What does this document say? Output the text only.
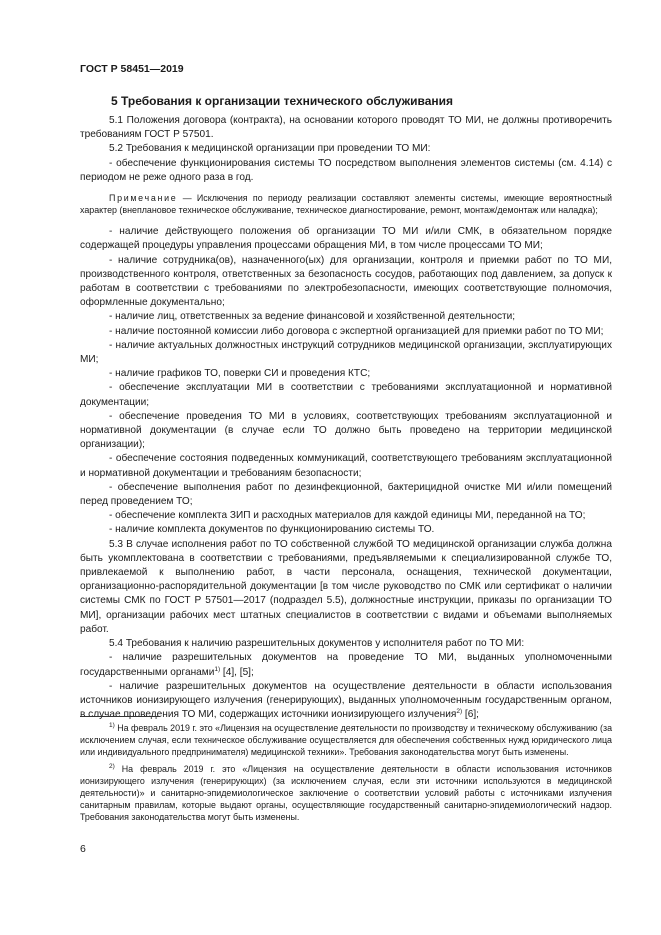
ГОСТ Р 58451—2019

5 Требования к организации технического обслуживания

5.1 Положения договора (контракта), на основании которого проводят ТО МИ, не должны противоречить требованиям ГОСТ Р 57501.

5.2 Требования к медицинской организации при проведении ТО МИ:

- обеспечение функционирования системы ТО посредством выполнения элементов системы (см. 4.14) с периодом не реже одного раза в год.

Примечание — Исключения по периоду реализации составляют элементы системы, имеющие вероятностный характер (внеплановое техническое обслуживание, техническое диагностирование, ремонт, монтаж/демонтаж или наладка);

- наличие действующего положения об организации ТО МИ и/или СМК, в обязательном порядке содержащей процедуры управления процессами обращения МИ, в том числе процессами ТО МИ;

- наличие сотрудника(ов), назначенного(ых) для организации, контроля и приемки работ по ТО МИ, производственного контроля, ответственных за безопасность сосудов, работающих под давлением, за допуск к работам в соответствии с требованиями по электробезопасности, имеющих соответствующие полномочия, оформленные документально;

- наличие лиц, ответственных за ведение финансовой и хозяйственной деятельности;

- наличие постоянной комиссии либо договора с экспертной организацией для приемки работ по ТО МИ;

- наличие актуальных должностных инструкций сотрудников медицинской организации, эксплуатирующих МИ;

- наличие графиков ТО, поверки СИ и проведения КТС;

- обеспечение эксплуатации МИ в соответствии с требованиями эксплуатационной и нормативной документации;

- обеспечение проведения ТО МИ в условиях, соответствующих требованиям эксплуатационной и нормативной документации (в случае если ТО должно быть проведено на территории медицинской организации);

- обеспечение состояния подведенных коммуникаций, соответствующего требованиям эксплуатационной и нормативной документации и требованиям безопасности;

- обеспечение выполнения работ по дезинфекционной, бактерицидной очистке МИ и/или помещений перед проведением ТО;

- обеспечение комплекта ЗИП и расходных материалов для каждой единицы МИ, переданной на ТО;

- наличие комплекта документов по функционированию системы ТО.

5.3 В случае исполнения работ по ТО собственной службой ТО медицинской организации служба должна быть укомплектована в соответствии с требованиями, предъявляемыми к специализированной службе ТО, привлекаемой к выполнению работ, в части персонала, оснащения, технической документации, организационно-распорядительной документации [в том числе руководство по СМК или сертификат о наличии системы СМК по ГОСТ Р 57501—2017 (подраздел 5.5), должностные инструкции, приказы по организации ТО МИ], организации рабочих мест штатных специалистов в соответствии с видами и объемами выполняемых работ.

5.4 Требования к наличию разрешительных документов у исполнителя работ по ТО МИ:

- наличие разрешительных документов на проведение ТО МИ, выданных уполномоченными государственными органами$^{1)}$ [4], [5];

- наличие разрешительных документов на осуществление деятельности в области использования источников ионизирующего излучения (генерирующих), выданных уполномоченным государственным органом, в случае проведения ТО МИ, содержащих источники ионизирующего излучения$^{2)}$ [6];

$^{1)}$ На февраль 2019 г. это «Лицензия на осуществление деятельности по производству и техническому обслуживанию (за исключением случая, если техническое обслуживание осуществляется для обеспечения собственных нужд юридического лица или индивидуального предпринимателя) медицинской техники». Требования законодательства могут быть изменены.

$^{2)}$ На февраль 2019 г. это «Лицензия на осуществление деятельности в области использования источников ионизирующего излучения (генерирующих) (за исключением случая, если эти источники используются в медицинской деятельности)» и санитарно-эпидемиологическое заключение о соответствии условий работы с источниками излучения санитарным правилам, которые выдают органы, осуществляющие государственный санитарно-эпидемиологический надзор. Требования законодательства могут быть изменены.

6
